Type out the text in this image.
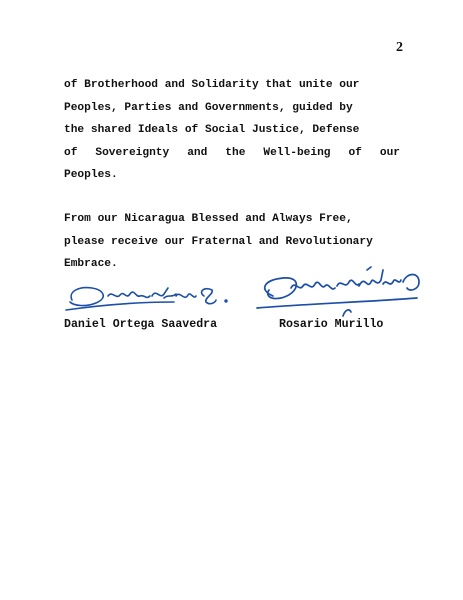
2
of Brotherhood and Solidarity that unite our
Peoples, Parties and Governments, guided by
the shared Ideals of Social Justice, Defense
of Sovereignty and the Well-being of our
Peoples.
From our Nicaragua Blessed and Always Free,
please receive our Fraternal and Revolutionary
Embrace.
Daniel Ortega Saavedra	Rosario Murillo
